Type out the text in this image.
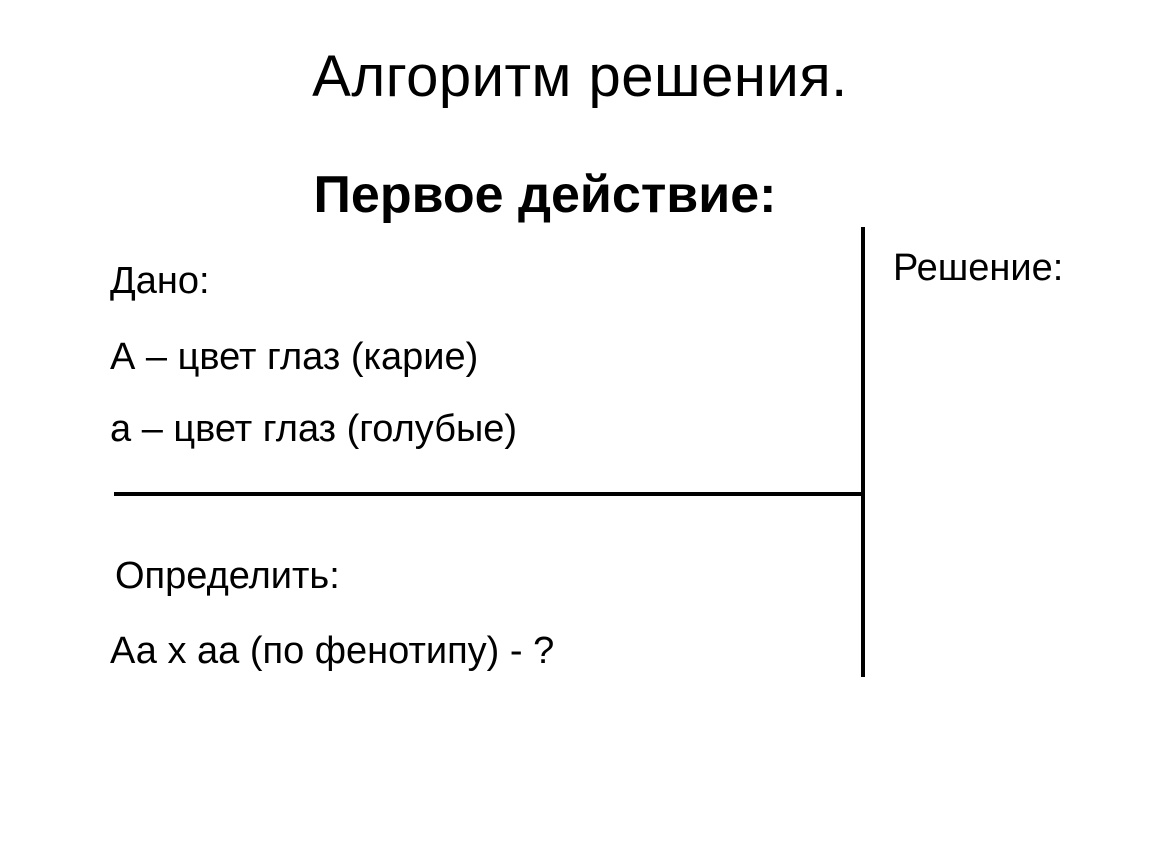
Алгоритм решения.
Первое действие:
Дано:
А – цвет глаз (карие)
а – цвет глаз (голубые)
Определить:
Аа х аа (по фенотипу) - ?
Решение:
